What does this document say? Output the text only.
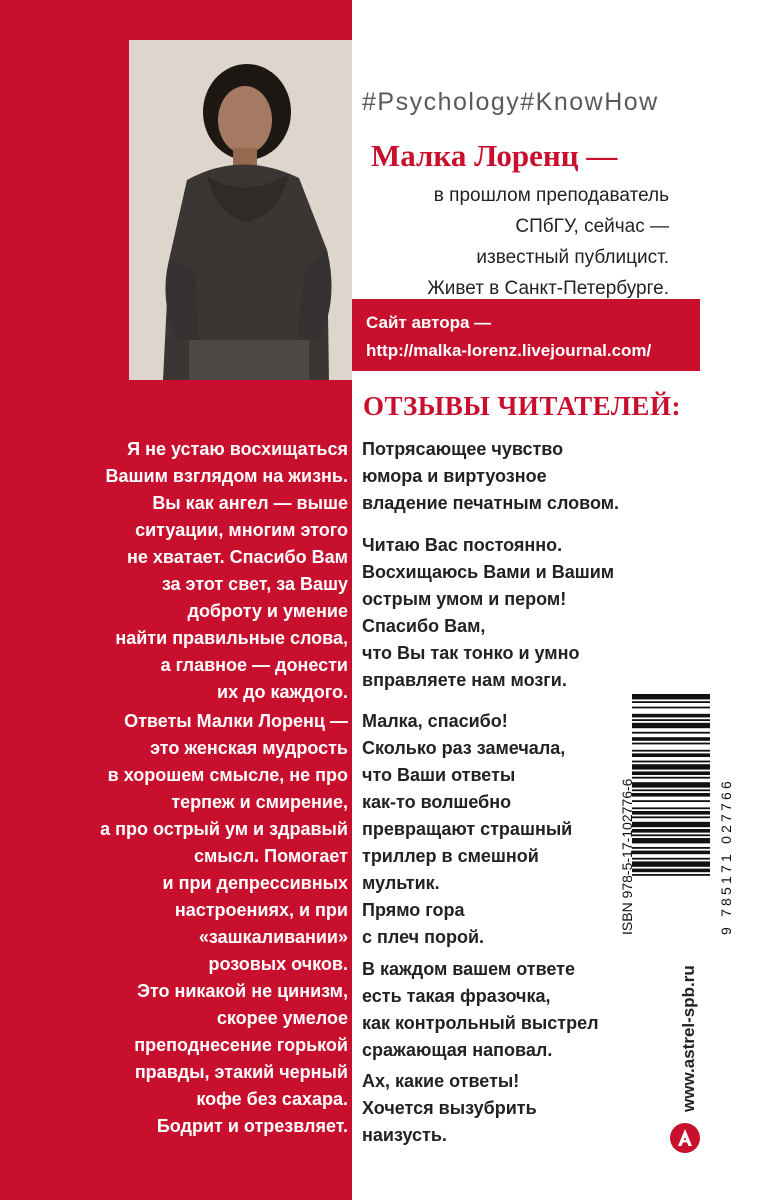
#Psychology#KnowHow
Малка Лоренц —
в прошлом преподаватель
СПбГУ, сейчас —
известный публицист.
Живет в Санкт-Петербурге.
Сайт автора —
http://malka-lorenz.livejournal.com/
ОТЗЫВЫ ЧИТАТЕЛЕЙ:
Я не устаю восхищаться
Вашим взглядом на жизнь.
Вы как ангел — выше
ситуации, многим этого
не хватает. Спасибо Вам
за этот свет, за Вашу
доброту и умение
найти правильные слова,
а главное — донести
их до каждого.
Ответы Малки Лоренц —
это женская мудрость
в хорошем смысле, не про
терпеж и смирение,
а про острый ум и здравый
смысл. Помогает
и при депрессивных
настроениях, и при
«зашкаливании»
розовых очков.
Это никакой не цинизм,
скорее умелое
преподнесение горькой
правды, этакий черный
кофе без сахара.
Бодрит и отрезвляет.
Потрясающее чувство
юмора и виртуозное
владение печатным словом.
Читаю Вас постоянно.
Восхищаюсь Вами и Вашим
острым умом и пером!
Спасибо Вам,
что Вы так тонко и умно
вправляете нам мозги.
Малка, спасибо!
Сколько раз замечала,
что Ваши ответы
как-то волшебно
превращают страшный
триллер в смешной
мультик.
Прямо гора
с плеч порой.
В каждом вашем ответе
есть такая фразочка,
как контрольный выстрел
сражающая наповал.
Ах, какие ответы!
Хочется вызубрить
наизусть.
ISBN 978-5-17-102776-6	9 785171 027766
www.astrel-spb.ru
